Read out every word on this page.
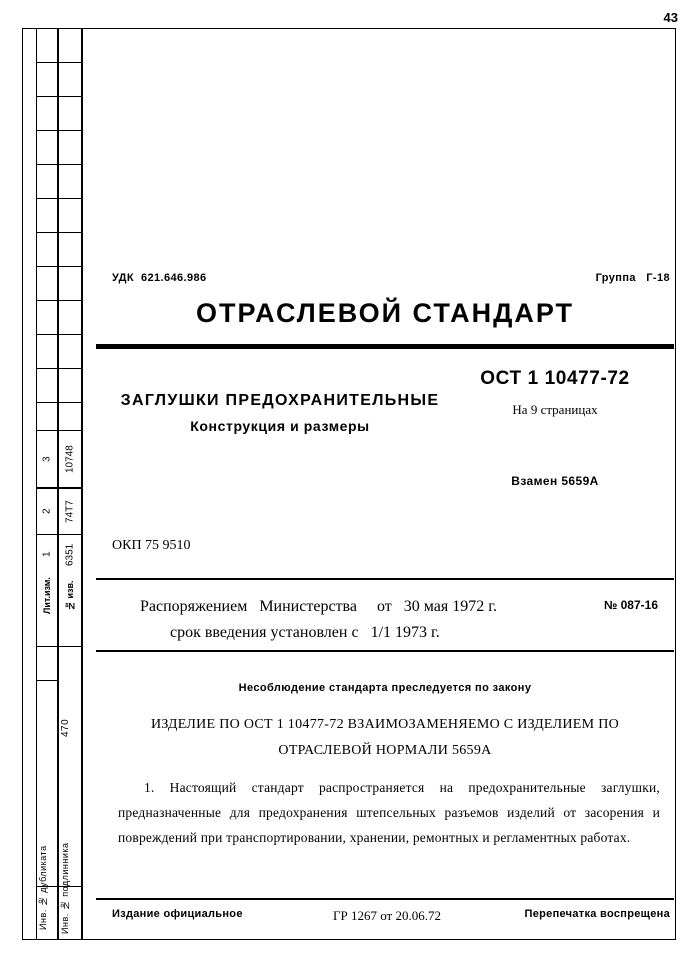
43
3	10748
2	74Т7
1	6351
Лит.изм.	№ изв.
470
Инв. № дубликата	Инв. № подлинника
УДК 621.646.986	Группа Г-18
ОТРАСЛЕВОЙ СТАНДАРТ
ЗАГЛУШКИ ПРЕДОХРАНИТЕЛЬНЫЕ
Конструкция и размеры
ОСТ 1 10477-72
На 9 страницах
Взамен 5659А
ОКП 75 9510
Распоряжением Министерства от 30 мая 1972 г.	№ 087-16
срок введения установлен с 1/1 1973 г.
Несоблюдение стандарта преследуется по закону
ИЗДЕЛИЕ ПО ОСТ 1 10477-72 ВЗАИМОЗАМЕНЯЕМО С ИЗДЕЛИЕМ ПО
ОТРАСЛЕВОЙ НОРМАЛИ 5659А
1. Настоящий стандарт распространяется на предохранительные заглушки, предназначенные для предохранения штепсельных разъемов изделий от засорения и повреждений при транспортировании, хранении, ремонтных и регламентных работах.
Издание официальное	ГР 1267 от 20.06.72	Перепечатка воспрещена
